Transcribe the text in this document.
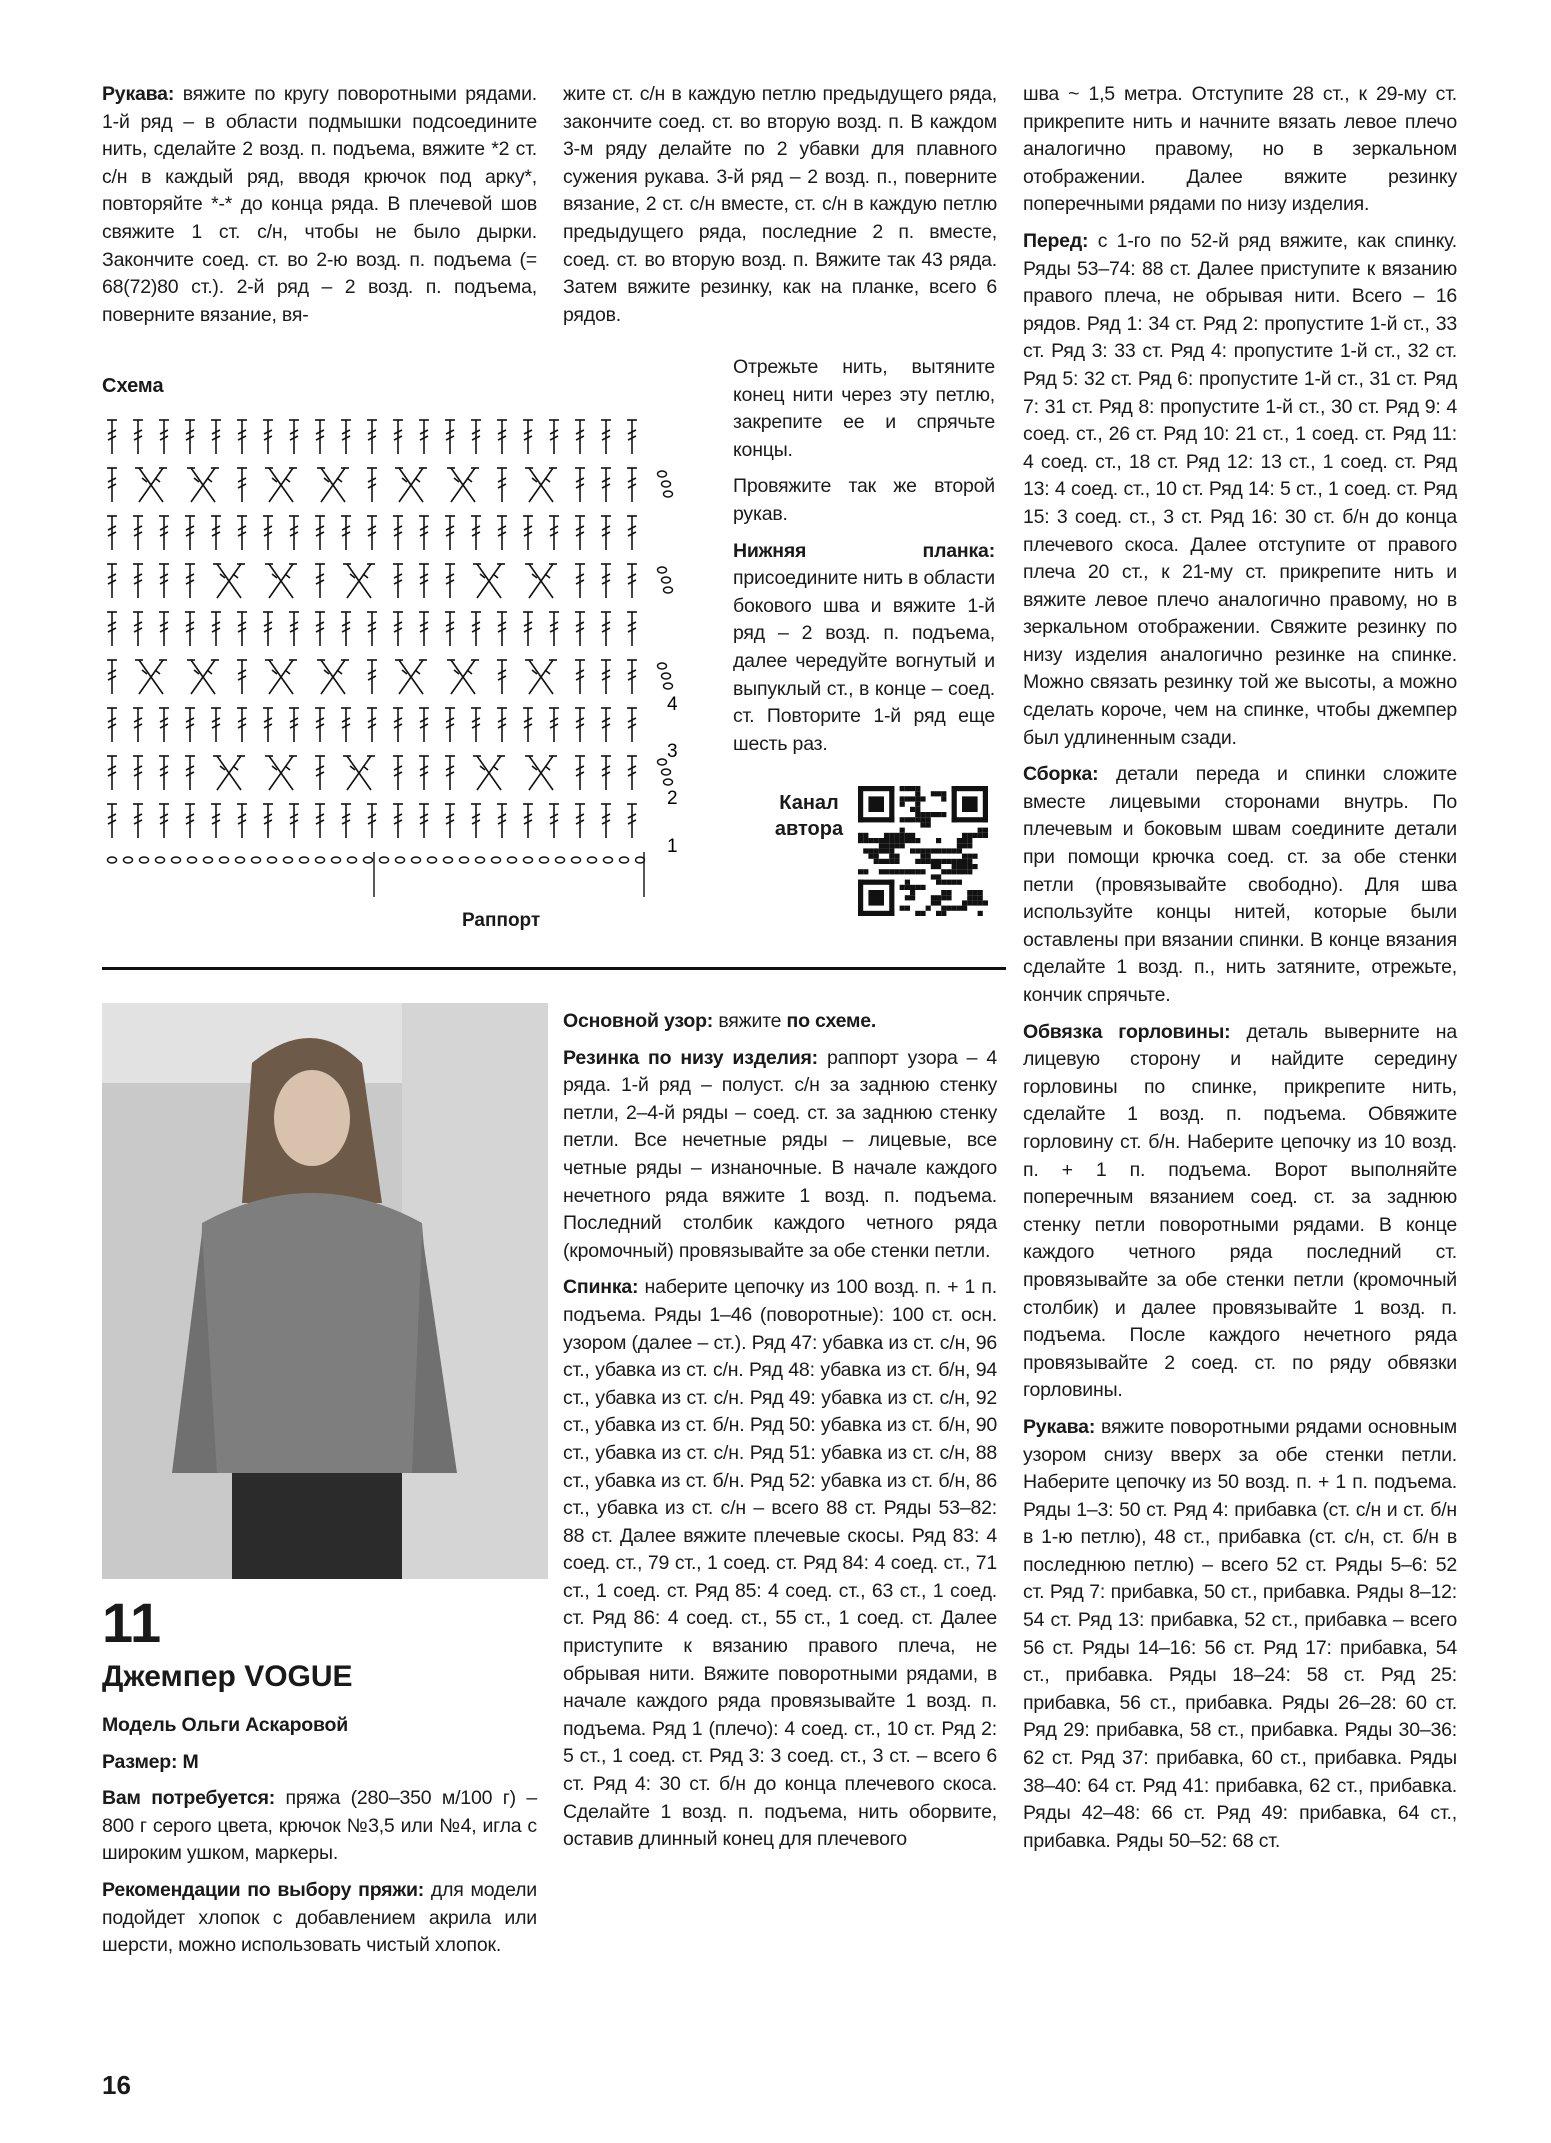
Рукава: вяжите по кругу поворотными рядами. 1-й ряд – в области подмышки подсоедините нить, сделайте 2 возд. п. подъема, вяжите *2 ст. с/н в каждый ряд, вводя крючок под арку*, повторяйте *-* до конца ряда. В плечевой шов свяжите 1 ст. с/н, чтобы не было дырки. Закончите соед. ст. во 2-ю возд. п. подъема (= 68(72)80 ст.). 2-й ряд – 2 возд. п. подъема, поверните вязание, вя-

Схема
4
3
2
1
Раппорт

жите ст. с/н в каждую петлю предыдущего ряда, закончите соед. ст. во вторую возд. п. В каждом 3-м ряду делайте по 2 убавки для плавного сужения рукава. 3-й ряд – 2 возд. п., поверните вязание, 2 ст. с/н вместе, ст. с/н в каждую петлю предыдущего ряда, последние 2 п. вместе, соед. ст. во вторую возд. п. Вяжите так 43 ряда. Затем вяжите резинку, как на планке, всего 6 рядов.

Отрежьте нить, вытяните конец нити через эту петлю, закрепите ее и спрячьте концы.

Провяжите так же второй рукав.

Нижняя планка: присоедините нить в области бокового шва и вяжите 1-й ряд – 2 возд. п. подъема, далее чередуйте вогнутый и выпуклый ст., в конце – соед. ст. Повторите 1-й ряд еще шесть раз.

Канал автора

шва ~ 1,5 метра. Отступите 28 ст., к 29-му ст. прикрепите нить и начните вязать левое плечо аналогично правому, но в зеркальном отображении. Далее вяжите резинку поперечными рядами по низу изделия.

Перед: с 1-го по 52-й ряд вяжите, как спинку. Ряды 53–74: 88 ст. Далее приступите к вязанию правого плеча, не обрывая нити. Всего – 16 рядов. Ряд 1: 34 ст. Ряд 2: пропустите 1-й ст., 33 ст. Ряд 3: 33 ст. Ряд 4: пропустите 1-й ст., 32 ст. Ряд 5: 32 ст. Ряд 6: пропустите 1-й ст., 31 ст. Ряд 7: 31 ст. Ряд 8: пропустите 1-й ст., 30 ст. Ряд 9: 4 соед. ст., 26 ст. Ряд 10: 21 ст., 1 соед. ст. Ряд 11: 4 соед. ст., 18 ст. Ряд 12: 13 ст., 1 соед. ст. Ряд 13: 4 соед. ст., 10 ст. Ряд 14: 5 ст., 1 соед. ст. Ряд 15: 3 соед. ст., 3 ст. Ряд 16: 30 ст. б/н до конца плечевого скоса. Далее отступите от правого плеча 20 ст., к 21-му ст. прикрепите нить и вяжите левое плечо аналогично правому, но в зеркальном отображении. Свяжите резинку по низу изделия аналогично резинке на спинке. Можно связать резинку той же высоты, а можно сделать короче, чем на спинке, чтобы джемпер был удлиненным сзади.

Сборка: детали переда и спинки сложите вместе лицевыми сторонами внутрь. По плечевым и боковым швам соедините детали при помощи крючка соед. ст. за обе стенки петли (провязывайте свободно). Для шва используйте концы нитей, которые были оставлены при вязании спинки. В конце вязания сделайте 1 возд. п., нить затяните, отрежьте, кончик спрячьте.

Обвязка горловины: деталь выверните на лицевую сторону и найдите середину горловины по спинке, прикрепите нить, сделайте 1 возд. п. подъема. Обвяжите горловину ст. б/н. Наберите цепочку из 10 возд. п. + 1 п. подъема. Ворот выполняйте поперечным вязанием соед. ст. за заднюю стенку петли поворотными рядами. В конце каждого четного ряда последний ст. провязывайте за обе стенки петли (кромочный столбик) и далее провязывайте 1 возд. п. подъема. После каждого нечетного ряда провязывайте 2 соед. ст. по ряду обвязки горловины.

Рукава: вяжите поворотными рядами основным узором снизу вверх за обе стенки петли. Наберите цепочку из 50 возд. п. + 1 п. подъема. Ряды 1–3: 50 ст. Ряд 4: прибавка (ст. с/н и ст. б/н в 1-ю петлю), 48 ст., прибавка (ст. с/н, ст. б/н в последнюю петлю) – всего 52 ст. Ряды 5–6: 52 ст. Ряд 7: прибавка, 50 ст., прибавка. Ряды 8–12: 54 ст. Ряд 13: прибавка, 52 ст., прибавка – всего 56 ст. Ряды 14–16: 56 ст. Ряд 17: прибавка, 54 ст., прибавка. Ряды 18–24: 58 ст. Ряд 25: прибавка, 56 ст., прибавка. Ряды 26–28: 60 ст. Ряд 29: прибавка, 58 ст., прибавка. Ряды 30–36: 62 ст. Ряд 37: прибавка, 60 ст., прибавка. Ряды 38–40: 64 ст. Ряд 41: прибавка, 62 ст., прибавка. Ряды 42–48: 66 ст. Ряд 49: прибавка, 64 ст., прибавка. Ряды 50–52: 68 ст.

11
Джемпер VOGUE

Модель Ольги Аскаровой

Размер: М

Вам потребуется: пряжа (280–350 м/100 г) – 800 г серого цвета, крючок №3,5 или №4, игла с широким ушком, маркеры.

Рекомендации по выбору пряжи: для модели подойдет хлопок с добавлением акрила или шерсти, можно использовать чистый хлопок.

Основной узор: вяжите по схеме.

Резинка по низу изделия: раппорт узора – 4 ряда. 1-й ряд – полуст. с/н за заднюю стенку петли, 2–4-й ряды – соед. ст. за заднюю стенку петли. Все нечетные ряды – лицевые, все четные ряды – изнаночные. В начале каждого нечетного ряда вяжите 1 возд. п. подъема. Последний столбик каждого четного ряда (кромочный) провязывайте за обе стенки петли.

Спинка: наберите цепочку из 100 возд. п. + 1 п. подъема. Ряды 1–46 (поворотные): 100 ст. осн. узором (далее – ст.). Ряд 47: убавка из ст. с/н, 96 ст., убавка из ст. с/н. Ряд 48: убавка из ст. б/н, 94 ст., убавка из ст. с/н. Ряд 49: убавка из ст. с/н, 92 ст., убавка из ст. б/н. Ряд 50: убавка из ст. б/н, 90 ст., убавка из ст. с/н. Ряд 51: убавка из ст. с/н, 88 ст., убавка из ст. б/н. Ряд 52: убавка из ст. б/н, 86 ст., убавка из ст. с/н – всего 88 ст. Ряды 53–82: 88 ст. Далее вяжите плечевые скосы. Ряд 83: 4 соед. ст., 79 ст., 1 соед. ст. Ряд 84: 4 соед. ст., 71 ст., 1 соед. ст. Ряд 85: 4 соед. ст., 63 ст., 1 соед. ст. Ряд 86: 4 соед. ст., 55 ст., 1 соед. ст. Далее приступите к вязанию правого плеча, не обрывая нити. Вяжите поворотными рядами, в начале каждого ряда провязывайте 1 возд. п. подъема. Ряд 1 (плечо): 4 соед. ст., 10 ст. Ряд 2: 5 ст., 1 соед. ст. Ряд 3: 3 соед. ст., 3 ст. – всего 6 ст. Ряд 4: 30 ст. б/н до конца плечевого скоса. Сделайте 1 возд. п. подъема, нить оборвите, оставив длинный конец для плечевого

16
